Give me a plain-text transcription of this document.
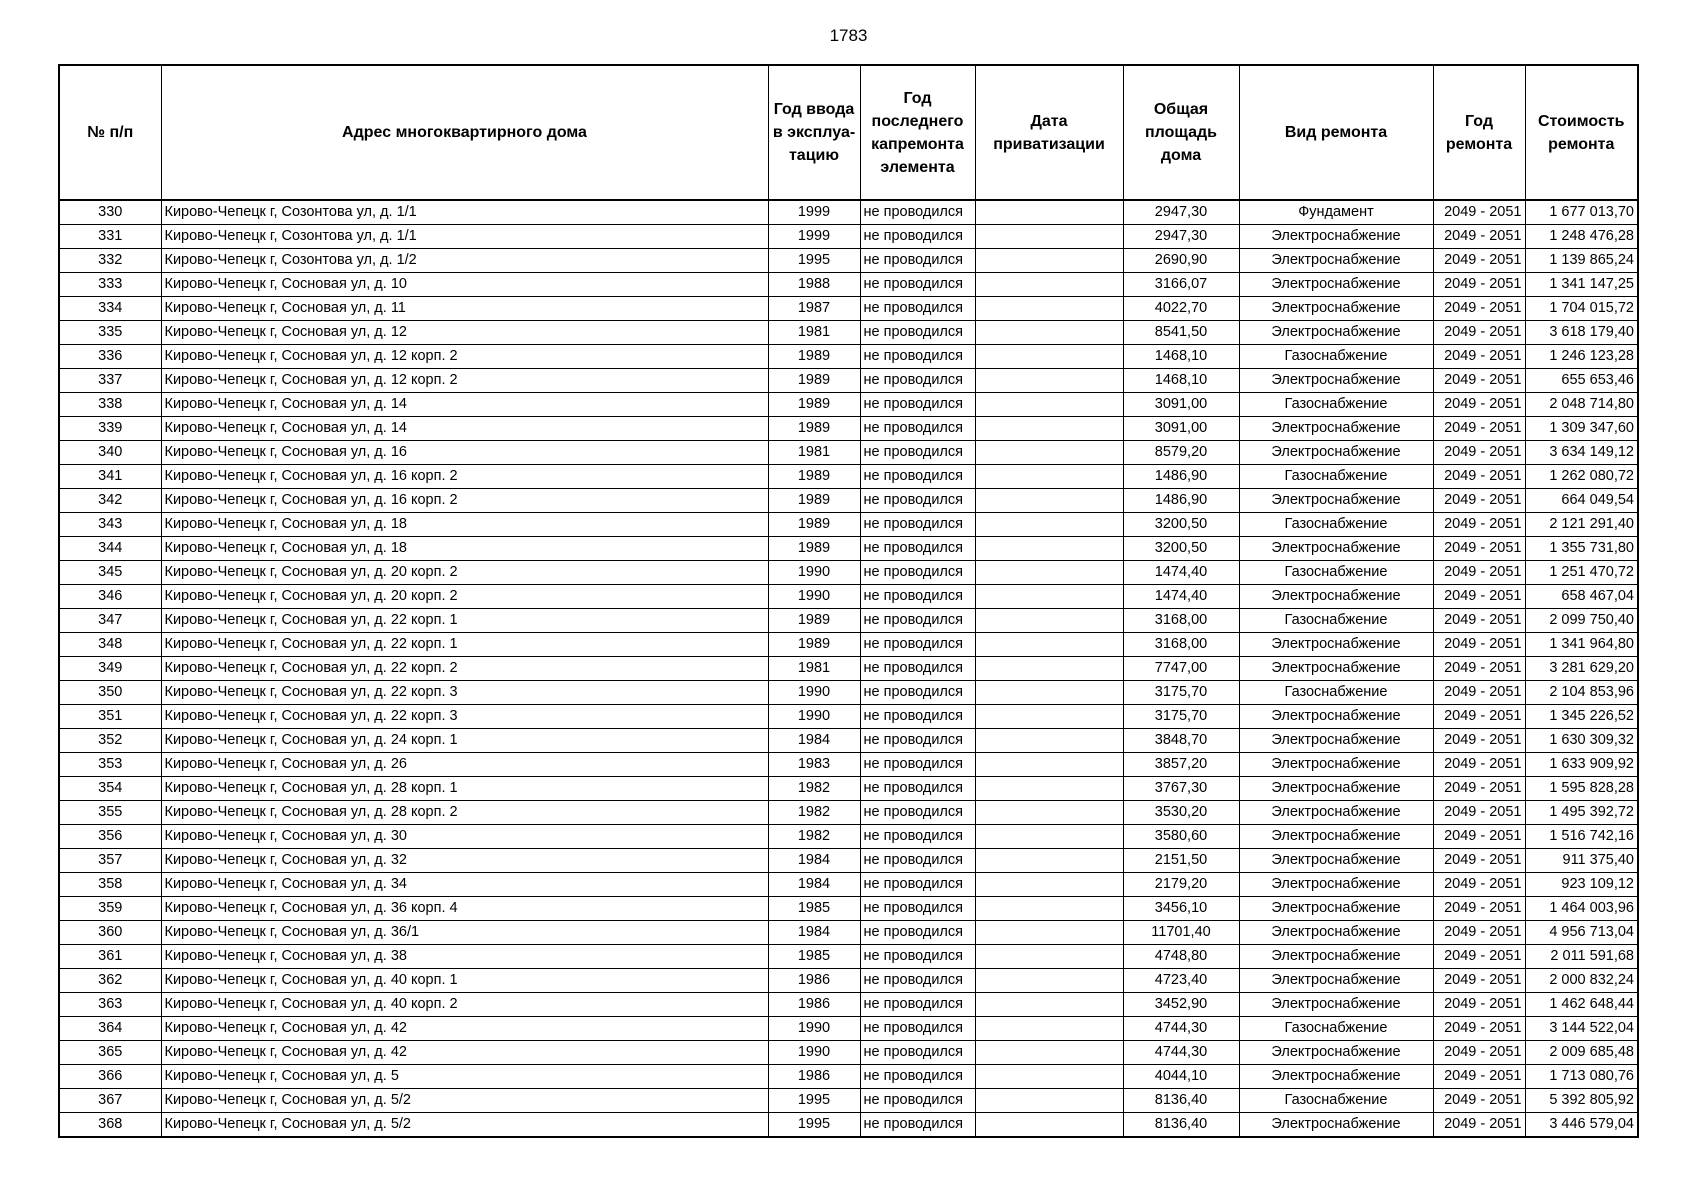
1783
№ п/п	Адрес многоквартирного дома	Год ввода в эксплуа-тацию	Год последнего капремонта элемента	Дата приватизации	Общая площадь дома	Вид ремонта	Год ремонта	Стоимость ремонта
330	Кирово-Чепецк г, Созонтова ул, д. 1/1	1999	не проводился		2947,30	Фундамент	2049 - 2051	1 677 013,70
331	Кирово-Чепецк г, Созонтова ул, д. 1/1	1999	не проводился		2947,30	Электроснабжение	2049 - 2051	1 248 476,28
332	Кирово-Чепецк г, Созонтова ул, д. 1/2	1995	не проводился		2690,90	Электроснабжение	2049 - 2051	1 139 865,24
333	Кирово-Чепецк г, Сосновая ул, д. 10	1988	не проводился		3166,07	Электроснабжение	2049 - 2051	1 341 147,25
334	Кирово-Чепецк г, Сосновая ул, д. 11	1987	не проводился		4022,70	Электроснабжение	2049 - 2051	1 704 015,72
335	Кирово-Чепецк г, Сосновая ул, д. 12	1981	не проводился		8541,50	Электроснабжение	2049 - 2051	3 618 179,40
336	Кирово-Чепецк г, Сосновая ул, д. 12 корп. 2	1989	не проводился		1468,10	Газоснабжение	2049 - 2051	1 246 123,28
337	Кирово-Чепецк г, Сосновая ул, д. 12 корп. 2	1989	не проводился		1468,10	Электроснабжение	2049 - 2051	655 653,46
338	Кирово-Чепецк г, Сосновая ул, д. 14	1989	не проводился		3091,00	Газоснабжение	2049 - 2051	2 048 714,80
339	Кирово-Чепецк г, Сосновая ул, д. 14	1989	не проводился		3091,00	Электроснабжение	2049 - 2051	1 309 347,60
340	Кирово-Чепецк г, Сосновая ул, д. 16	1981	не проводился		8579,20	Электроснабжение	2049 - 2051	3 634 149,12
341	Кирово-Чепецк г, Сосновая ул, д. 16 корп. 2	1989	не проводился		1486,90	Газоснабжение	2049 - 2051	1 262 080,72
342	Кирово-Чепецк г, Сосновая ул, д. 16 корп. 2	1989	не проводился		1486,90	Электроснабжение	2049 - 2051	664 049,54
343	Кирово-Чепецк г, Сосновая ул, д. 18	1989	не проводился		3200,50	Газоснабжение	2049 - 2051	2 121 291,40
344	Кирово-Чепецк г, Сосновая ул, д. 18	1989	не проводился		3200,50	Электроснабжение	2049 - 2051	1 355 731,80
345	Кирово-Чепецк г, Сосновая ул, д. 20 корп. 2	1990	не проводился		1474,40	Газоснабжение	2049 - 2051	1 251 470,72
346	Кирово-Чепецк г, Сосновая ул, д. 20 корп. 2	1990	не проводился		1474,40	Электроснабжение	2049 - 2051	658 467,04
347	Кирово-Чепецк г, Сосновая ул, д. 22 корп. 1	1989	не проводился		3168,00	Газоснабжение	2049 - 2051	2 099 750,40
348	Кирово-Чепецк г, Сосновая ул, д. 22 корп. 1	1989	не проводился		3168,00	Электроснабжение	2049 - 2051	1 341 964,80
349	Кирово-Чепецк г, Сосновая ул, д. 22 корп. 2	1981	не проводился		7747,00	Электроснабжение	2049 - 2051	3 281 629,20
350	Кирово-Чепецк г, Сосновая ул, д. 22 корп. 3	1990	не проводился		3175,70	Газоснабжение	2049 - 2051	2 104 853,96
351	Кирово-Чепецк г, Сосновая ул, д. 22 корп. 3	1990	не проводился		3175,70	Электроснабжение	2049 - 2051	1 345 226,52
352	Кирово-Чепецк г, Сосновая ул, д. 24 корп. 1	1984	не проводился		3848,70	Электроснабжение	2049 - 2051	1 630 309,32
353	Кирово-Чепецк г, Сосновая ул, д. 26	1983	не проводился		3857,20	Электроснабжение	2049 - 2051	1 633 909,92
354	Кирово-Чепецк г, Сосновая ул, д. 28 корп. 1	1982	не проводился		3767,30	Электроснабжение	2049 - 2051	1 595 828,28
355	Кирово-Чепецк г, Сосновая ул, д. 28 корп. 2	1982	не проводился		3530,20	Электроснабжение	2049 - 2051	1 495 392,72
356	Кирово-Чепецк г, Сосновая ул, д. 30	1982	не проводился		3580,60	Электроснабжение	2049 - 2051	1 516 742,16
357	Кирово-Чепецк г, Сосновая ул, д. 32	1984	не проводился		2151,50	Электроснабжение	2049 - 2051	911 375,40
358	Кирово-Чепецк г, Сосновая ул, д. 34	1984	не проводился		2179,20	Электроснабжение	2049 - 2051	923 109,12
359	Кирово-Чепецк г, Сосновая ул, д. 36 корп. 4	1985	не проводился		3456,10	Электроснабжение	2049 - 2051	1 464 003,96
360	Кирово-Чепецк г, Сосновая ул, д. 36/1	1984	не проводился		11701,40	Электроснабжение	2049 - 2051	4 956 713,04
361	Кирово-Чепецк г, Сосновая ул, д. 38	1985	не проводился		4748,80	Электроснабжение	2049 - 2051	2 011 591,68
362	Кирово-Чепецк г, Сосновая ул, д. 40 корп. 1	1986	не проводился		4723,40	Электроснабжение	2049 - 2051	2 000 832,24
363	Кирово-Чепецк г, Сосновая ул, д. 40 корп. 2	1986	не проводился		3452,90	Электроснабжение	2049 - 2051	1 462 648,44
364	Кирово-Чепецк г, Сосновая ул, д. 42	1990	не проводился		4744,30	Газоснабжение	2049 - 2051	3 144 522,04
365	Кирово-Чепецк г, Сосновая ул, д. 42	1990	не проводился		4744,30	Электроснабжение	2049 - 2051	2 009 685,48
366	Кирово-Чепецк г, Сосновая ул, д. 5	1986	не проводился		4044,10	Электроснабжение	2049 - 2051	1 713 080,76
367	Кирово-Чепецк г, Сосновая ул, д. 5/2	1995	не проводился		8136,40	Газоснабжение	2049 - 2051	5 392 805,92
368	Кирово-Чепецк г, Сосновая ул, д. 5/2	1995	не проводился		8136,40	Электроснабжение	2049 - 2051	3 446 579,04
